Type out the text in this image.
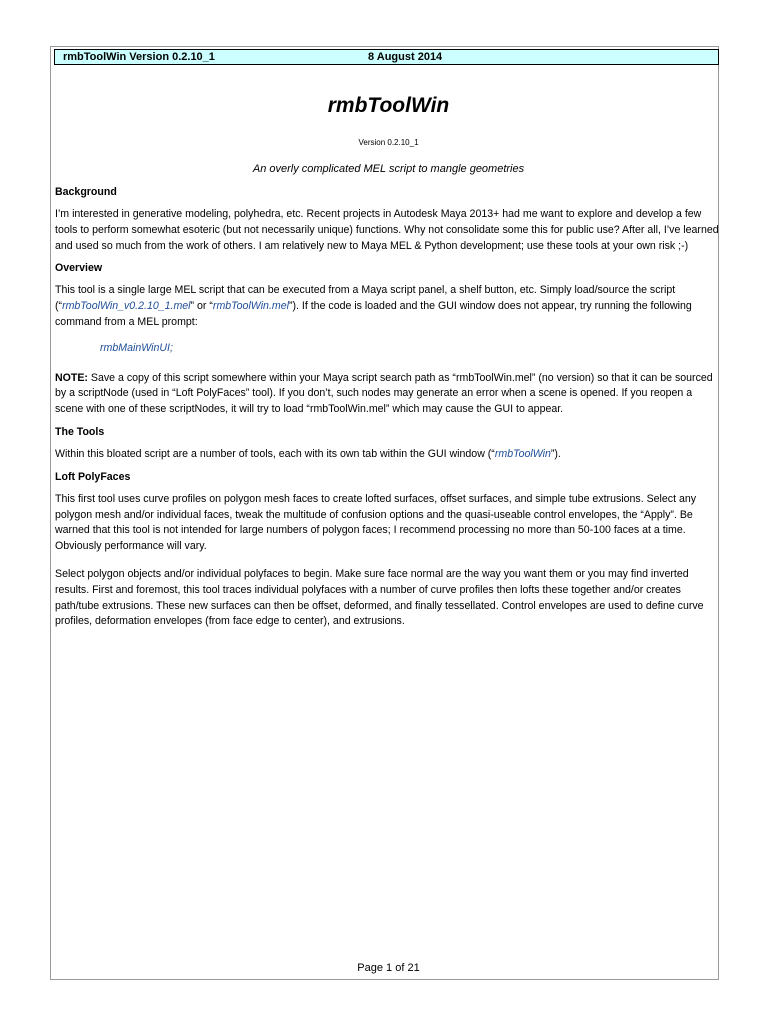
rmbToolWin Version 0.2.10_1	8 August 2014
rmbToolWin
Version 0.2.10_1
An overly complicated MEL script to mangle geometries
Background

I’m interested in generative modeling, polyhedra, etc. Recent projects in Autodesk Maya 2013+ had me want to explore and develop a few tools to perform somewhat esoteric (but not necessarily unique) functions. Why not consolidate some this for public use? After all, I’ve learned and used so much from the work of others. I am relatively new to Maya MEL & Python development; use these tools at your own risk ;-)

Overview

This tool is a single large MEL script that can be executed from a Maya script panel, a shelf button, etc. Simply load/source the script (“rmbToolWin_v0.2.10_1.mel” or “rmbToolWin.mel”). If the code is loaded and the GUI window does not appear, try running the following command from a MEL prompt:

rmbMainWinUI;

NOTE: Save a copy of this script somewhere within your Maya script search path as “rmbToolWin.mel” (no version) so that it can be sourced by a scriptNode (used in “Loft PolyFaces” tool). If you don’t, such nodes may generate an error when a scene is opened. If you reopen a scene with one of these scriptNodes, it will try to load “rmbToolWin.mel” which may cause the GUI to appear.

The Tools

Within this bloated script are a number of tools, each with its own tab within the GUI window (“rmbToolWin”).

Loft PolyFaces

This first tool uses curve profiles on polygon mesh faces to create lofted surfaces, offset surfaces, and simple tube extrusions. Select any polygon mesh and/or individual faces, tweak the multitude of confusion options and the quasi-useable control envelopes, the “Apply”. Be warned that this tool is not intended for large numbers of polygon faces; I recommend processing no more than 50-100 faces at a time. Obviously performance will vary.

Select polygon objects and/or individual polyfaces to begin. Make sure face normal are the way you want them or you may find inverted results. First and foremost, this tool traces individual polyfaces with a number of curve profiles then lofts these together and/or creates path/tube extrusions. These new surfaces can then be offset, deformed, and finally tessellated. Control envelopes are used to define curve profiles, deformation envelopes (from face edge to center), and extrusions.

Page 1 of 21
